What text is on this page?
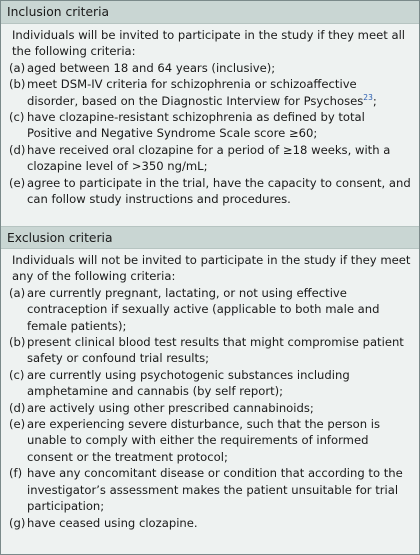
Inclusion criteria
Individuals will be invited to participate in the study if they meet all the following criteria:
(a) aged between 18 and 64 years (inclusive);
(b) meet DSM-IV criteria for schizophrenia or schizoaffective disorder, based on the Diagnostic Interview for Psychoses$^{23}$;
(c) have clozapine-resistant schizophrenia as defined by total Positive and Negative Syndrome Scale score ≥60;
(d) have received oral clozapine for a period of ≥18 weeks, with a clozapine level of >350 ng/mL;
(e) agree to participate in the trial, have the capacity to consent, and can follow study instructions and procedures.
Exclusion criteria
Individuals will not be invited to participate in the study if they meet any of the following criteria:
(a) are currently pregnant, lactating, or not using effective contraception if sexually active (applicable to both male and female patients);
(b) present clinical blood test results that might compromise patient safety or confound trial results;
(c) are currently using psychotogenic substances including amphetamine and cannabis (by self report);
(d) are actively using other prescribed cannabinoids;
(e) are experiencing severe disturbance, such that the person is unable to comply with either the requirements of informed consent or the treatment protocol;
(f) have any concomitant disease or condition that according to the investigator’s assessment makes the patient unsuitable for trial participation;
(g) have ceased using clozapine.
